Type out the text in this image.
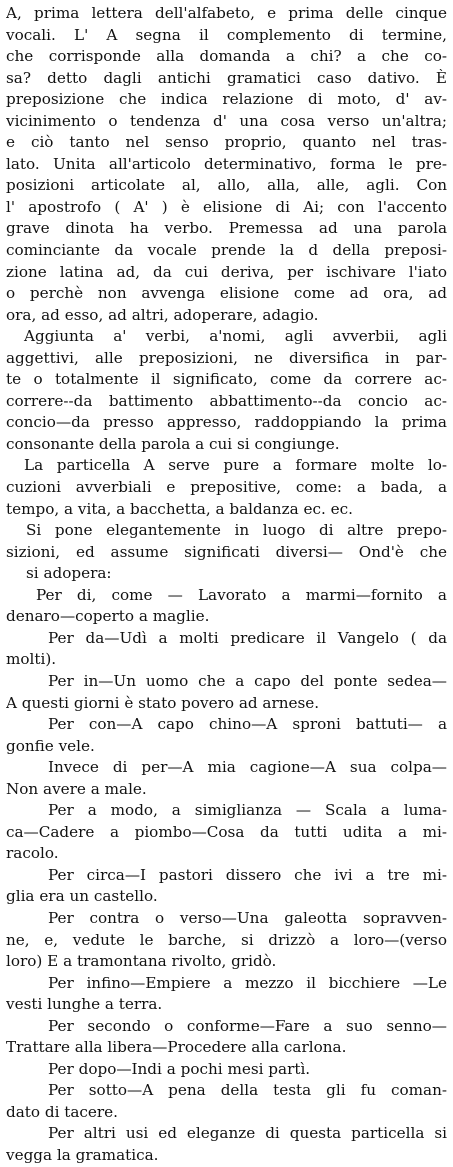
A, prima lettera dell'alfabeto, e prima delle cinque
vocali. L' A segna il complemento di termine,
che corrisponde alla domanda a chi? a che co-
sa? detto dagli antichi gramatici caso dativo. È
preposizione che indica relazione di moto, d' av-
vicinimento o tendenza d' una cosa verso un'altra;
e ciò tanto nel senso proprio, quanto nel tras-
lato. Unita all'articolo determinativo, forma le pre-
posizioni articolate al, allo, alla, alle, agli. Con
l' apostrofo ( A' ) è elisione di Ai; con l'accento
grave dinota ha verbo. Premessa ad una parola
cominciante da vocale prende la d della preposi-
zione latina ad, da cui deriva, per ischivare l'iato
o perchè non avvenga elisione come ad ora, ad
ora, ad esso, ad altri, adoperare, adagio.
Aggiunta a' verbi, a'nomi, agli avverbii, agli
aggettivi, alle preposizioni, ne diversifica in par-
te o totalmente il significato, come da correre ac-
correre--da battimento abbattimento--da concio ac-
concio—da presso appresso, raddoppiando la prima
consonante della parola a cui si congiunge.
La particella A serve pure a formare molte lo-
cuzioni avverbiali e prepositive, come: a bada, a
tempo, a vita, a bacchetta, a baldanza ec. ec.
Si pone elegantemente in luogo di altre prepo-
sizioni, ed assume significati diversi— Ond'è che
si adopera:
Per di, come — Lavorato a marmi—fornito a
denaro—coperto a maglie.
Per da—Udì a molti predicare il Vangelo ( da
molti).
Per in—Un uomo che a capo del ponte sedea—
A questi giorni è stato povero ad arnese.
Per con—A capo chino—A sproni battuti— a
gonfie vele.
Invece di per—A mia cagione—A sua colpa—
Non avere a male.
Per a modo, a simiglianza — Scala a luma-
ca—Cadere a piombo—Cosa da tutti udita a mi-
racolo.
Per circa—I pastori dissero che ivi a tre mi-
glia era un castello.
Per contra o verso—Una galeotta sopravven-
ne, e, vedute le barche, si drizzò a loro—(verso
loro) E a tramontana rivolto, gridò.
Per infino—Empiere a mezzo il bicchiere —Le
vesti lunghe a terra.
Per secondo o conforme—Fare a suo senno—
Trattare alla libera—Procedere alla carlona.
Per dopo—Indi a pochi mesi partì.
Per sotto—A pena della testa gli fu coman-
dato di tacere.
Per altri usi ed eleganze di questa particella si
vegga la gramatica.
